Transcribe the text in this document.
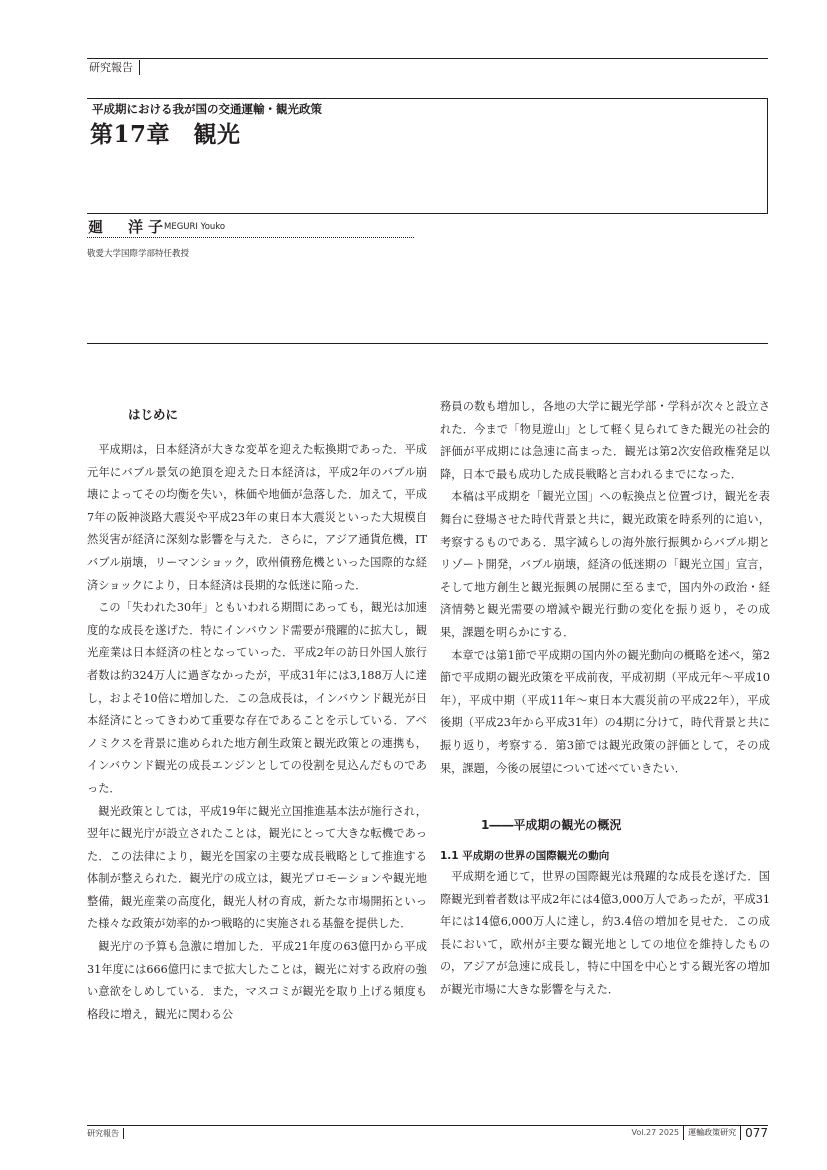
研究報告
平成期における我が国の交通運輸・観光政策
第17章　観光
廻　洋子
MEGURI Youko
敬愛大学国際学部特任教授
はじめに

平成期は，日本経済が大きな変革を迎えた転換期であった．平成元年にバブル景気の絶頂を迎えた日本経済は，平成2年のバブル崩壊によってその均衡を失い，株価や地価が急落した．加えて，平成7年の阪神淡路大震災や平成23年の東日本大震災といった大規模自然災害が経済に深刻な影響を与えた．さらに，アジア通貨危機，ITバブル崩壊，リーマンショック，欧州債務危機といった国際的な経済ショックにより，日本経済は長期的な低迷に陥った．

この「失われた30年」ともいわれる期間にあっても，観光は加速度的な成長を遂げた．特にインバウンド需要が飛躍的に拡大し，観光産業は日本経済の柱となっていった．平成2年の訪日外国人旅行者数は約324万人に過ぎなかったが，平成31年には3,188万人に達し，およそ10倍に増加した．この急成長は，インバウンド観光が日本経済にとってきわめて重要な存在であることを示している．アベノミクスを背景に進められた地方創生政策と観光政策との連携も，インバウンド観光の成長エンジンとしての役割を見込んだものであった．

観光政策としては，平成19年に観光立国推進基本法が施行され，翌年に観光庁が設立されたことは，観光にとって大きな転機であった．この法律により，観光を国家の主要な成長戦略として推進する体制が整えられた．観光庁の成立は，観光プロモーションや観光地整備，観光産業の高度化，観光人材の育成，新たな市場開拓といった様々な政策が効率的かつ戦略的に実施される基盤を提供した．

観光庁の予算も急激に増加した．平成21年度の63億円から平成31年度には666億円にまで拡大したことは，観光に対する政府の強い意欲をしめしている．また，マスコミが観光を取り上げる頻度も格段に増え，観光に関わる公

務員の数も増加し，各地の大学に観光学部・学科が次々と設立された．今まで「物見遊山」として軽く見られてきた観光の社会的評価が平成期には急速に高まった．観光は第2次安倍政権発足以降，日本で最も成功した成長戦略と言われるまでになった．

本稿は平成期を「観光立国」への転換点と位置づけ，観光を表舞台に登場させた時代背景と共に，観光政策を時系列的に追い，考察するものである．黒字減らしの海外旅行振興からバブル期とリゾート開発，バブル崩壊，経済の低迷期の「観光立国」宣言，そして地方創生と観光振興の展開に至るまで，国内外の政治・経済情勢と観光需要の増減や観光行動の変化を振り返り，その成果，課題を明らかにする．

本章では第1節で平成期の国内外の観光動向の概略を述べ，第2節で平成期の観光政策を平成前夜，平成初期（平成元年～平成10年），平成中期（平成11年～東日本大震災前の平成22年），平成後期（平成23年から平成31年）の4期に分けて，時代背景と共に振り返り，考察する．第3節では観光政策の評価として，その成果，課題，今後の展望について述べていきたい．

1――平成期の観光の概況
1.1 平成期の世界の国際観光の動向

平成期を通じて，世界の国際観光は飛躍的な成長を遂げた．国際観光到着者数は平成2年には4億3,000万人であったが，平成31年には14億6,000万人に達し，約3.4倍の増加を見せた．この成長において，欧州が主要な観光地としての地位を維持したものの，アジアが急速に成長し，特に中国を中心とする観光客の増加が観光市場に大きな影響を与えた．

研究報告	Vol.27 2025	運輸政策研究 077
